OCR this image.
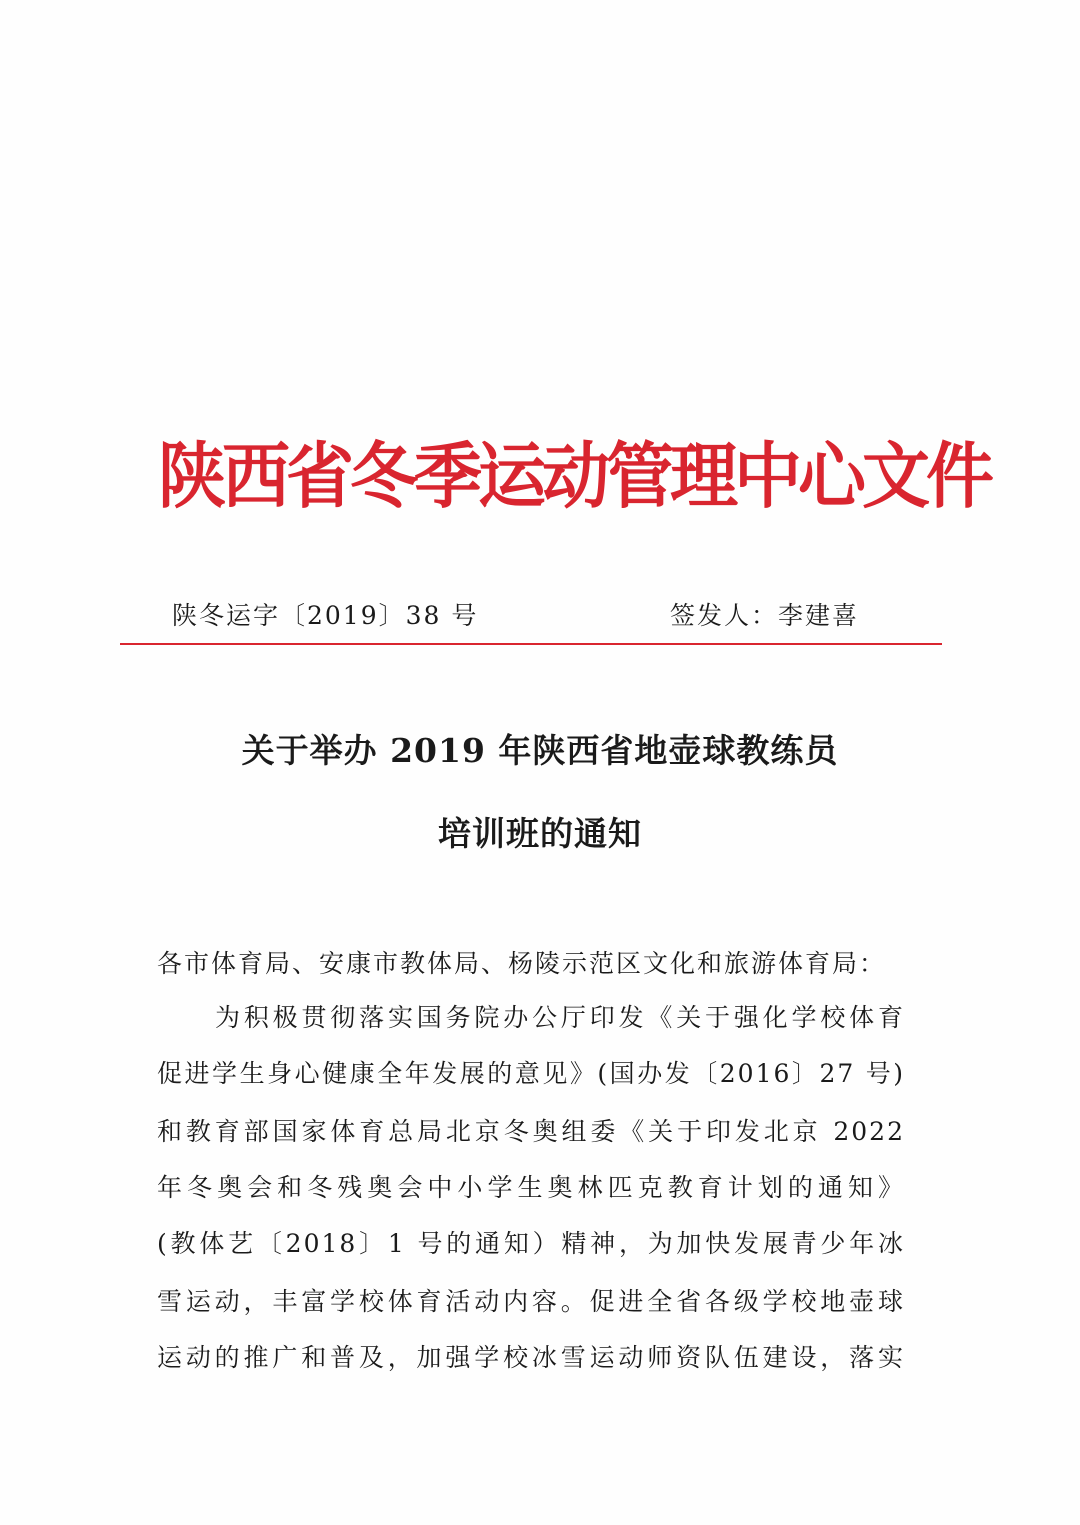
陕西省冬季运动管理中心文件
陕冬运字〔2019〕38 号	签发人：李建喜
关于举办 2019 年陕西省地壶球教练员
培训班的通知
各市体育局、安康市教体局、杨陵示范区文化和旅游体育局：
为积极贯彻落实国务院办公厅印发《关于强化学校体育
促进学生身心健康全年发展的意见》(国办发〔2016〕27 号)
和教育部国家体育总局北京冬奥组委《关于印发北京 2022
年冬奥会和冬残奥会中小学生奥林匹克教育计划的通知》
(教体艺〔2018〕1 号的通知）精神，为加快发展青少年冰
雪运动，丰富学校体育活动内容。促进全省各级学校地壶球
运动的推广和普及，加强学校冰雪运动师资队伍建设，落实
